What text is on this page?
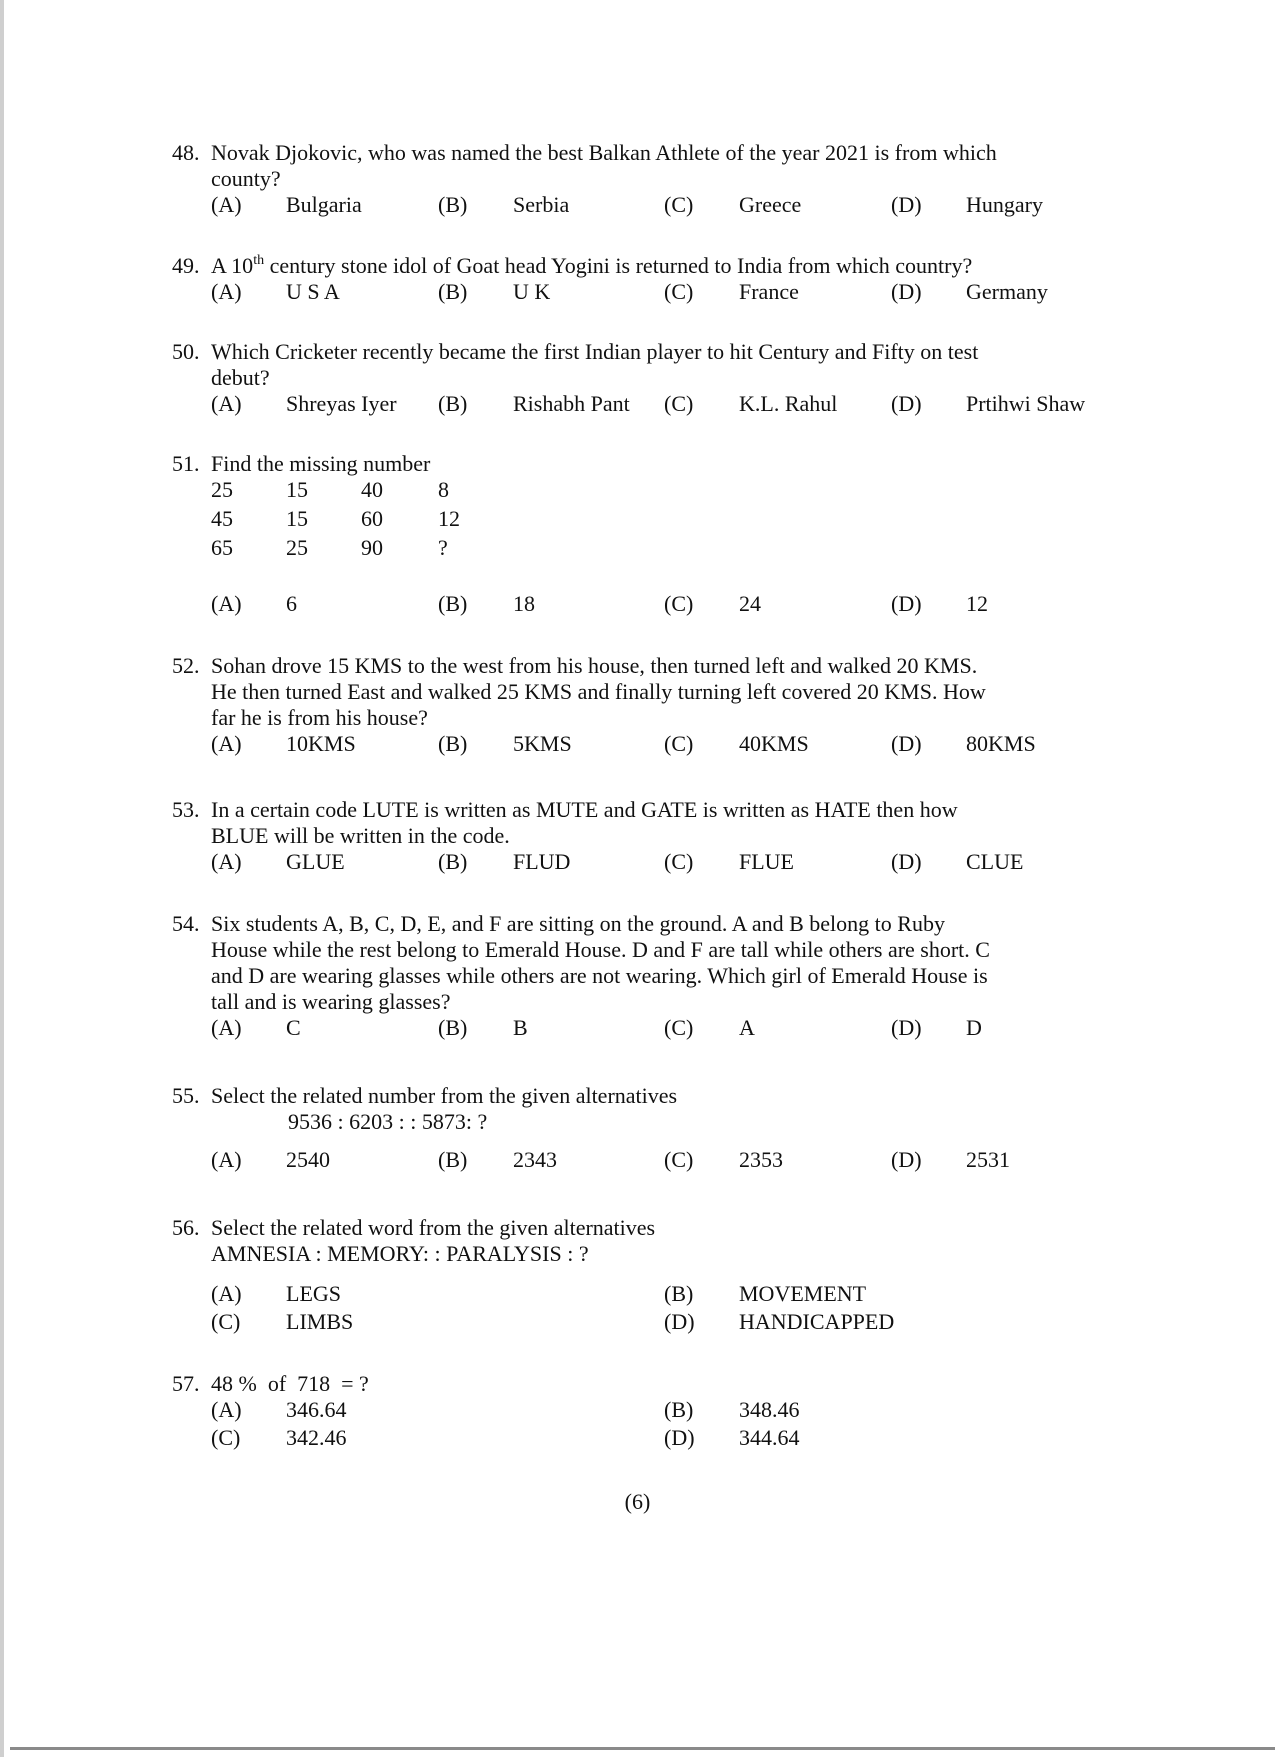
48. Novak Djokovic, who was named the best Balkan Athlete of the year 2021 is from which
county?
(A) Bulgaria	(B) Serbia	(C) Greece	(D) Hungary
49. A 10th century stone idol of Goat head Yogini is returned to India from which country?
(A) U S A	(B) U K	(C) France	(D) Germany
50. Which Cricketer recently became the first Indian player to hit Century and Fifty on test
debut?
(A) Shreyas Iyer (B) Rishabh Pant (C) K.L. Rahul (D) Prtihwi Shaw
51. Find the missing number
25 15 40	8
45 15 60	12
65 25 90	?
(A) 6	(B) 18	(C) 24	(D) 12
52. Sohan drove 15 KMS to the west from his house, then turned left and walked 20 KMS.
He then turned East and walked 25 KMS and finally turning left covered 20 KMS. How
far he is from his house?
(A) 10KMS	(B) 5KMS	(C) 40KMS	(D) 80KMS
53. In a certain code LUTE is written as MUTE and GATE is written as HATE then how
BLUE will be written in the code.
(A) GLUE	(B) FLUD	(C) FLUE	(D) CLUE
54. Six students A, B, C, D, E, and F are sitting on the ground. A and B belong to Ruby
House while the rest belong to Emerald House. D and F are tall while others are short. C
and D are wearing glasses while others are not wearing. Which girl of Emerald House is
tall and is wearing glasses?
(A) C	(B) B	(C) A	(D) D
55. Select the related number from the given alternatives
9536 : 6203 : : 5873: ?
(A) 2540	(B) 2343	(C) 2353	(D) 2531
56. Select the related word from the given alternatives
AMNESIA : MEMORY: : PARALYSIS : ?
(A) LEGS	(B) MOVEMENT
(C) LIMBS	(D) HANDICAPPED
57. 48 %  of  718  = ?
(A) 346.64	(B) 348.46
(C) 342.46	(D) 344.64
(6)
